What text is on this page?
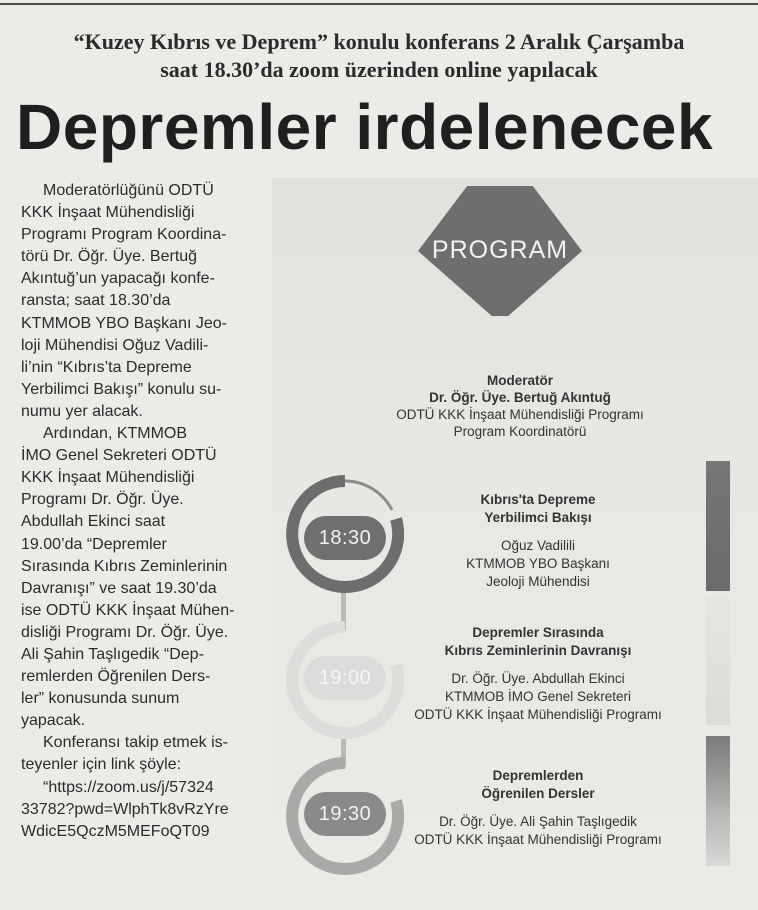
“Kuzey Kıbrıs ve Deprem” konulu konferans 2 Aralık Çarşamba
saat 18.30’da zoom üzerinden online yapılacak
Depremler irdelenecek
Moderatörlüğünü ODTÜ
KKK İnşaat Mühendisliği
Programı Program Koordina-
törü Dr. Öğr. Üye. Bertuğ
Akıntuğ’un yapacağı konfe-
ransta; saat 18.30’da
KTMMOB YBO Başkanı Jeo-
loji Mühendisi Oğuz Vadili-
li’nin “Kıbrıs’ta Depreme
Yerbilimci Bakışı” konulu su-
numu yer alacak.
Ardından, KTMMOB
İMO Genel Sekreteri ODTÜ
KKK İnşaat Mühendisliği
Programı Dr. Öğr. Üye.
Abdullah Ekinci saat
19.00’da “Depremler
Sırasında Kıbrıs Zeminlerinin
Davranışı” ve saat 19.30’da
ise ODTÜ KKK İnşaat Mühen-
disliği Programı Dr. Öğr. Üye.
Ali Şahin Taşlıgedik “Dep-
remlerden Öğrenilen Ders-
ler” konusunda sunum
yapacak.
Konferansı takip etmek is-
teyenler için link şöyle:
“https://zoom.us/j/57324
33782?pwd=WlphTk8vRzYre
WdicE5QczM5MEFoQT09
PROGRAM
Moderatör
Dr. Öğr. Üye. Bertuğ Akıntuğ
ODTÜ KKK İnşaat Mühendisliği Programı
Program Koordinatörü
18:30
Kıbrıs'ta Depreme
Yerbilimci Bakışı
Oğuz Vadilili
KTMMOB YBO Başkanı
Jeoloji Mühendisi
19:00
Depremler Sırasında
Kıbrıs Zeminlerinin Davranışı
Dr. Öğr. Üye. Abdullah Ekinci
KTMMOB İMO Genel Sekreteri
ODTÜ KKK İnşaat Mühendisliği Programı
19:30
Depremlerden
Öğrenilen Dersler
Dr. Öğr. Üye. Ali Şahin Taşlıgedik
ODTÜ KKK İnşaat Mühendisliği Programı
